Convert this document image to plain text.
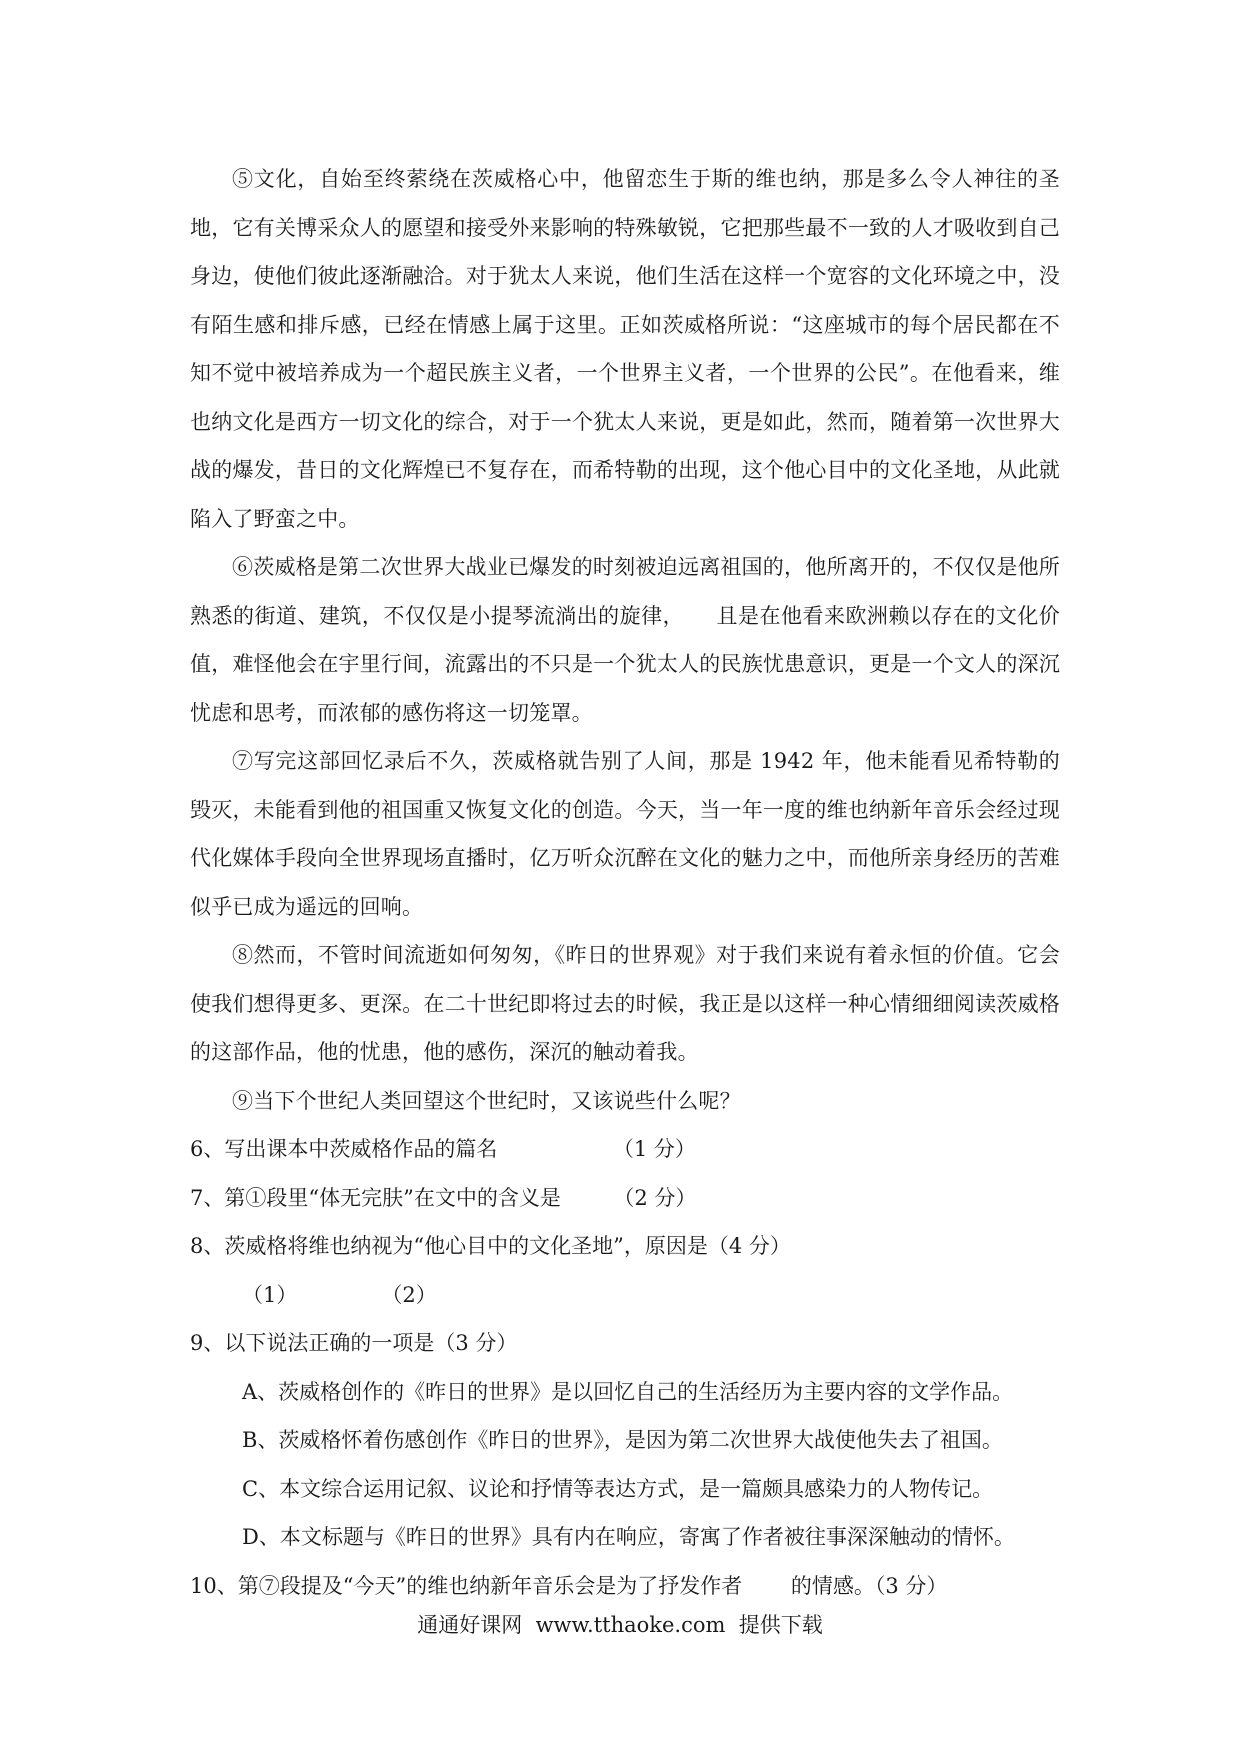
⑤文化，自始至终萦绕在茨威格心中，他留恋生于斯的维也纳，那是多么令人神往的圣地，它有关博采众人的愿望和接受外来影响的特殊敏锐，它把那些最不一致的人才吸收到自己身边，使他们彼此逐渐融洽。对于犹太人来说，他们生活在这样一个宽容的文化环境之中，没有陌生感和排斥感，已经在情感上属于这里。正如茨威格所说：“这座城市的每个居民都在不知不觉中被培养成为一个超民族主义者，一个世界主义者，一个世界的公民”。在他看来，维也纳文化是西方一切文化的综合，对于一个犹太人来说，更是如此，然而，随着第一次世界大战的爆发，昔日的文化辉煌已不复存在，而希特勒的出现，这个他心目中的文化圣地，从此就陷入了野蛮之中。

⑥茨威格是第二次世界大战业已爆发的时刻被迫远离祖国的，他所离开的，不仅仅是他所熟悉的街道、建筑，不仅仅是小提琴流淌出的旋律，　　且是在他看来欧洲赖以存在的文化价值，难怪他会在宇里行间，流露出的不只是一个犹太人的民族忧患意识，更是一个文人的深沉忧虑和思考，而浓郁的感伤将这一切笼罩。

⑦写完这部回忆录后不久，茨威格就告别了人间，那是 1942 年，他未能看见希特勒的毁灭，未能看到他的祖国重又恢复文化的创造。今天，当一年一度的维也纳新年音乐会经过现代化媒体手段向全世界现场直播时，亿万听众沉醉在文化的魅力之中，而他所亲身经历的苦难似乎已成为遥远的回响。

⑧然而，不管时间流逝如何匆匆，《昨日的世界观》对于我们来说有着永恒的价值。它会使我们想得更多、更深。在二十世纪即将过去的时候，我正是以这样一种心情细细阅读茨威格的这部作品，他的忧患，他的感伤，深沉的触动着我。

⑨当下个世纪人类回望这个世纪时，又该说些什么呢？

6、写出课本中茨威格作品的篇名　　　　　　（1 分）

7、第①段里“体无完肤”在文中的含义是　　　（2 分）

8、茨威格将维也纳视为“他心目中的文化圣地”，原因是（4 分）

（1）　　　　　（2）

9、以下说法正确的一项是（3 分）

A、茨威格创作的《昨日的世界》是以回忆自己的生活经历为主要内容的文学作品。

B、茨威格怀着伤感创作《昨日的世界》，是因为第二次世界大战使他失去了祖国。

C、本文综合运用记叙、议论和抒情等表达方式，是一篇颇具感染力的人物传记。

D、本文标题与《昨日的世界》具有内在响应，寄寓了作者被往事深深触动的情怀。

10、第⑦段提及“今天”的维也纳新年音乐会是为了抒发作者　　 的情感。（3 分）

通通好课网  www.tthaoke.com  提供下载
